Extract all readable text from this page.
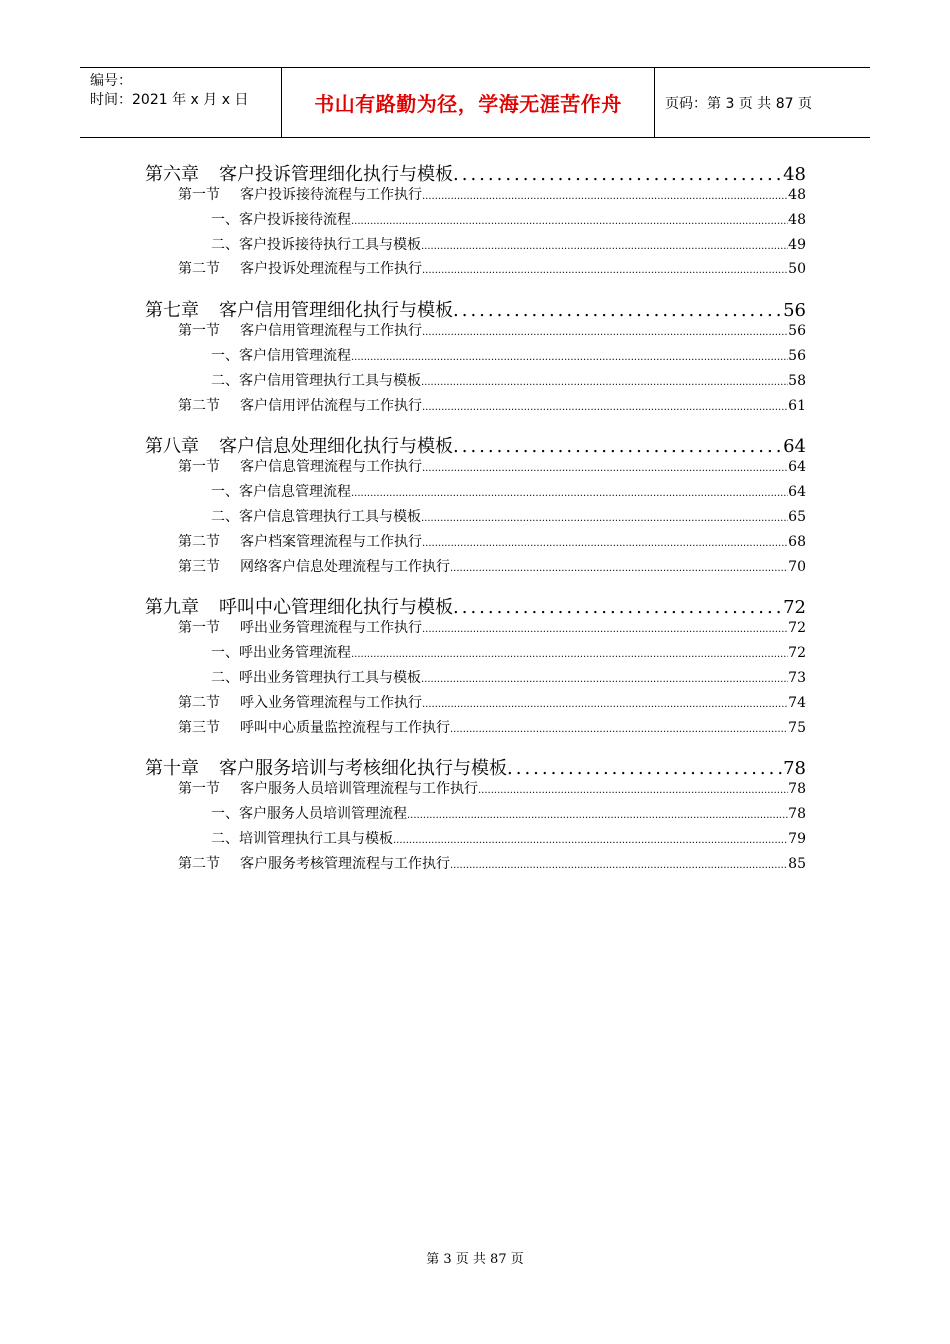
编号：
时间：2021 年 x 月 x 日	书山有路勤为径，学海无涯苦作舟	页码：第 3 页 共 87 页
第六章 客户投诉管理细化执行与模板 .....	48
第一节 客户投诉接待流程与工作执行 .....	48
一、客户投诉接待流程 .....	48
二、客户投诉接待执行工具与模板 .....	49
第二节 客户投诉处理流程与工作执行 .....	50
第七章 客户信用管理细化执行与模板 .....	56
第一节 客户信用管理流程与工作执行 .....	56
一、客户信用管理流程 .....	56
二、客户信用管理执行工具与模板 .....	58
第二节 客户信用评估流程与工作执行 .....	61
第八章 客户信息处理细化执行与模板 .....	64
第一节 客户信息管理流程与工作执行 .....	64
一、客户信息管理流程 .....	64
二、客户信息管理执行工具与模板 .....	65
第二节 客户档案管理流程与工作执行 .....	68
第三节 网络客户信息处理流程与工作执行 .....	70
第九章 呼叫中心管理细化执行与模板 .....	72
第一节 呼出业务管理流程与工作执行 .....	72
一、呼出业务管理流程 .....	72
二、呼出业务管理执行工具与模板 .....	73
第二节 呼入业务管理流程与工作执行 .....	74
第三节 呼叫中心质量监控流程与工作执行 .....	75
第十章 客户服务培训与考核细化执行与模板 .....	78
第一节 客户服务人员培训管理流程与工作执行 .....	78
一、客户服务人员培训管理流程 .....	78
二、培训管理执行工具与模板 .....	79
第二节 客户服务考核管理流程与工作执行 .....	85
第 3 页 共 87 页
